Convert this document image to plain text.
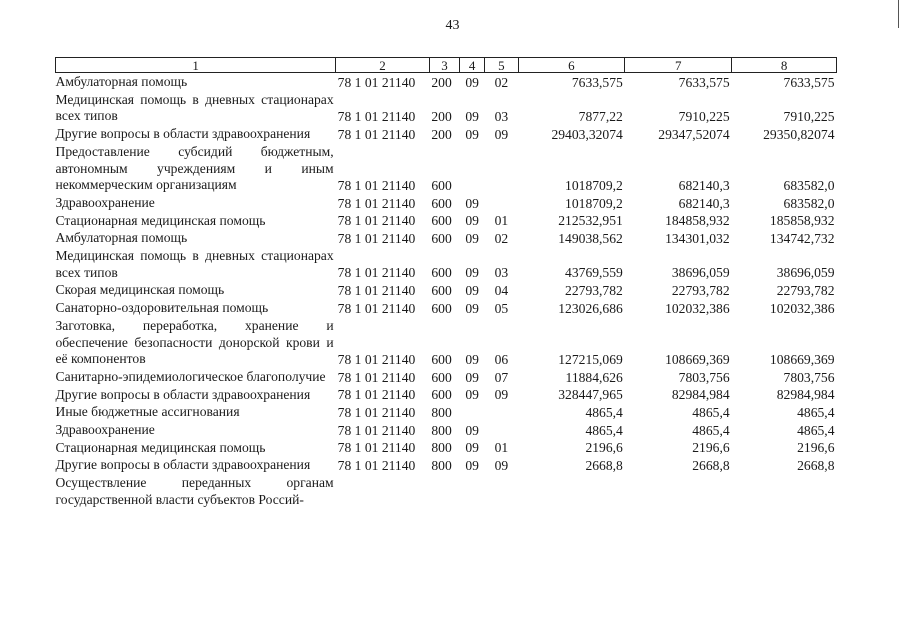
43
1	2	3	4	5	6	7	8
Амбулаторная помощь	78 1 01 21140	200	09	02	7633,575	7633,575	7633,575
Медицинская помощь в дневных стационарах всех типов	78 1 01 21140	200	09	03	7877,22	7910,225	7910,225
Другие вопросы в области здравоохранения	78 1 01 21140	200	09	09	29403,32074	29347,52074	29350,82074
Предоставление субсидий бюджетным, автономным учреждениям и иным некоммерческим организациям	78 1 01 21140	600			1018709,2	682140,3	683582,0
Здравоохранение	78 1 01 21140	600	09		1018709,2	682140,3	683582,0
Стационарная медицинская помощь	78 1 01 21140	600	09	01	212532,951	184858,932	185858,932
Амбулаторная помощь	78 1 01 21140	600	09	02	149038,562	134301,032	134742,732
Медицинская помощь в дневных стационарах всех типов	78 1 01 21140	600	09	03	43769,559	38696,059	38696,059
Скорая медицинская помощь	78 1 01 21140	600	09	04	22793,782	22793,782	22793,782
Санаторно-оздоровительная помощь	78 1 01 21140	600	09	05	123026,686	102032,386	102032,386
Заготовка, переработка, хранение и обеспечение безопасности донорской крови и её компонентов	78 1 01 21140	600	09	06	127215,069	108669,369	108669,369
Санитарно-эпидемиологическое благополучие	78 1 01 21140	600	09	07	11884,626	7803,756	7803,756
Другие вопросы в области здравоохранения	78 1 01 21140	600	09	09	328447,965	82984,984	82984,984
Иные бюджетные ассигнования	78 1 01 21140	800			4865,4	4865,4	4865,4
Здравоохранение	78 1 01 21140	800	09		4865,4	4865,4	4865,4
Стационарная медицинская помощь	78 1 01 21140	800	09	01	2196,6	2196,6	2196,6
Другие вопросы в области здравоохранения	78 1 01 21140	800	09	09	2668,8	2668,8	2668,8
Осуществление переданных органам государственной власти субъектов Россий-							
